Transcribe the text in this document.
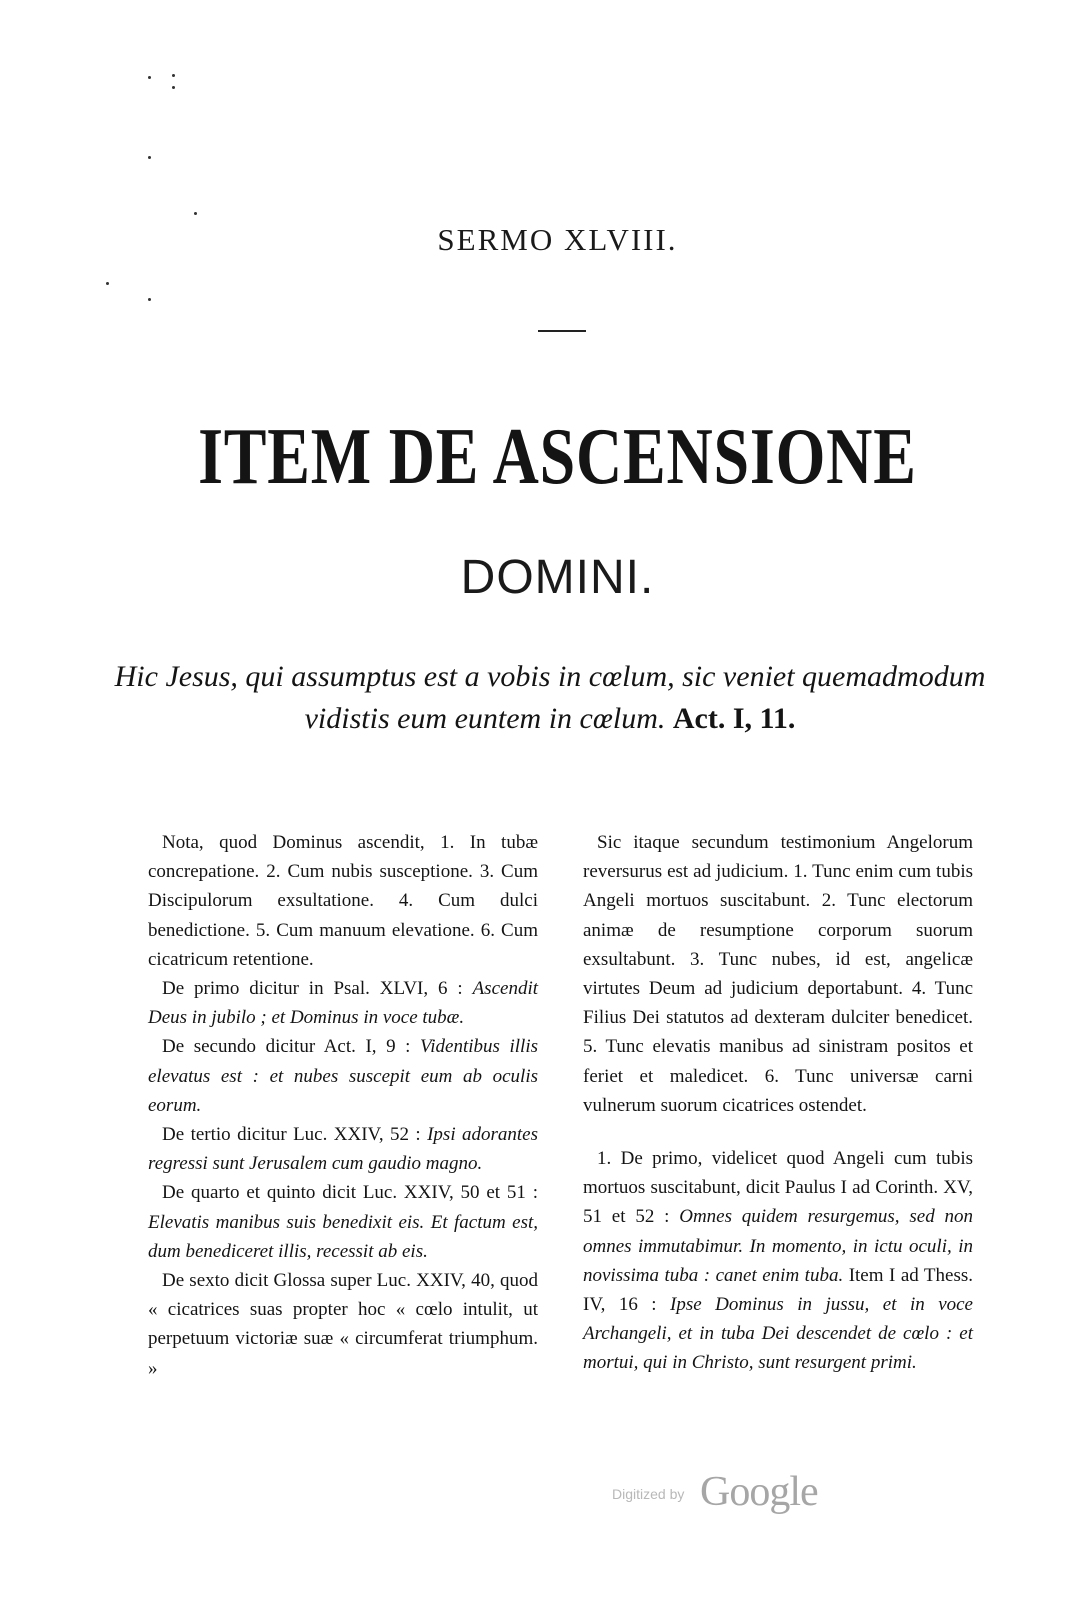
SERMO XLVIII.
ITEM DE ASCENSIONE
DOMINI.
Hic Jesus, qui assumptus est a vobis in cœlum, sic veniet quemadmodum vidistis eum euntem in cœlum. Act. I, 11.

Nota, quod Dominus ascendit, 1. In tubæ concrepatione. 2. Cum nubis susceptione. 3. Cum Discipulorum exsultatione. 4. Cum dulci benedictione. 5. Cum manuum elevatione. 6. Cum cicatricum retentione.

De primo dicitur in Psal. XLVI, 6 : Ascendit Deus in jubilo ; et Dominus in voce tubæ.

De secundo dicitur Act. I, 9 : Videntibus illis elevatus est : et nubes suscepit eum ab oculis eorum.

De tertio dicitur Luc. XXIV, 52 : Ipsi adorantes regressi sunt Jerusalem cum gaudio magno.

De quarto et quinto dicit Luc. XXIV, 50 et 51 : Elevatis manibus suis benedixit eis. Et factum est, dum benediceret illis, recessit ab eis.

De sexto dicit Glossa super Luc. XXIV, 40, quod « cicatrices suas propter hoc « cœlo intulit, ut perpetuum victoriæ suæ « circumferat triumphum. »

Sic itaque secundum testimonium Angelorum reversurus est ad judicium. 1. Tunc enim cum tubis Angeli mortuos suscitabunt. 2. Tunc electorum animæ de resumptione corporum suorum exsultabunt. 3. Tunc nubes, id est, angelicæ virtutes Deum ad judicium deportabunt. 4. Tunc Filius Dei statutos ad dexteram dulciter benedicet. 5. Tunc elevatis manibus ad sinistram positos et feriet et maledicet. 6. Tunc universæ carni vulnerum suorum cicatrices ostendet.

1. De primo, videlicet quod Angeli cum tubis mortuos suscitabunt, dicit Paulus I ad Corinth. XV, 51 et 52 : Omnes quidem resurgemus, sed non omnes immutabimur. In momento, in ictu oculi, in novissima tuba : canet enim tuba. Item I ad Thess. IV, 16 : Ipse Dominus in jussu, et in voce Archangeli, et in tuba Dei descendet de cœlo : et mortui, qui in Christo, sunt resurgent primi.

Digitized by Google
